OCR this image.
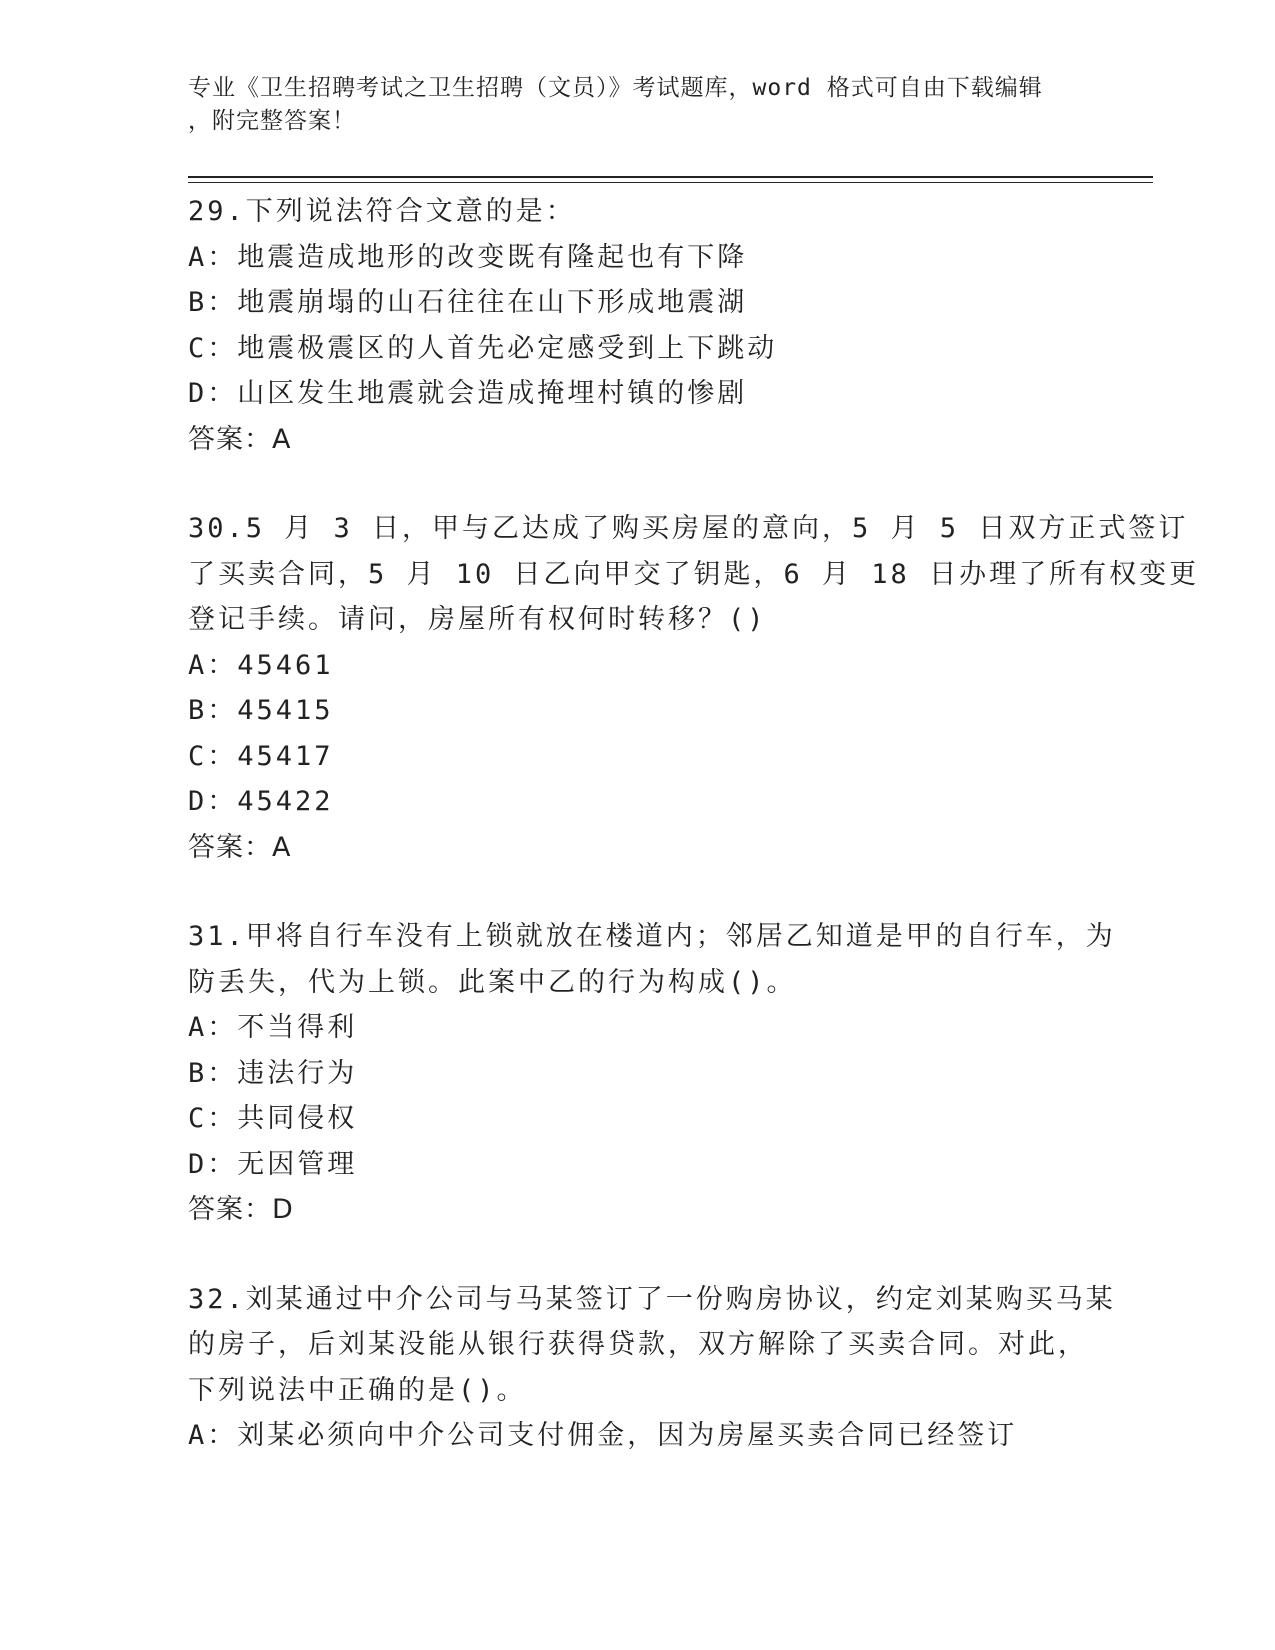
专业《卫生招聘考试之卫生招聘（文员）》考试题库，word 格式可自由下载编辑
，附完整答案！
29.下列说法符合文意的是：
A：地震造成地形的改变既有隆起也有下降
B：地震崩塌的山石往往在山下形成地震湖
C：地震极震区的人首先必定感受到上下跳动
D：山区发生地震就会造成掩埋村镇的惨剧
答案：A
30.5 月 3 日，甲与乙达成了购买房屋的意向，5 月 5 日双方正式签订
了买卖合同，5 月 10 日乙向甲交了钥匙，6 月 18 日办理了所有权变更
登记手续。请问，房屋所有权何时转移？()
A：45461
B：45415
C：45417
D：45422
答案：A
31.甲将自行车没有上锁就放在楼道内；邻居乙知道是甲的自行车，为
防丢失，代为上锁。此案中乙的行为构成()。
A：不当得利
B：违法行为
C：共同侵权
D：无因管理
答案：D
32.刘某通过中介公司与马某签订了一份购房协议，约定刘某购买马某
的房子，后刘某没能从银行获得贷款，双方解除了买卖合同。对此，
下列说法中正确的是()。
A：刘某必须向中介公司支付佣金，因为房屋买卖合同已经签订
